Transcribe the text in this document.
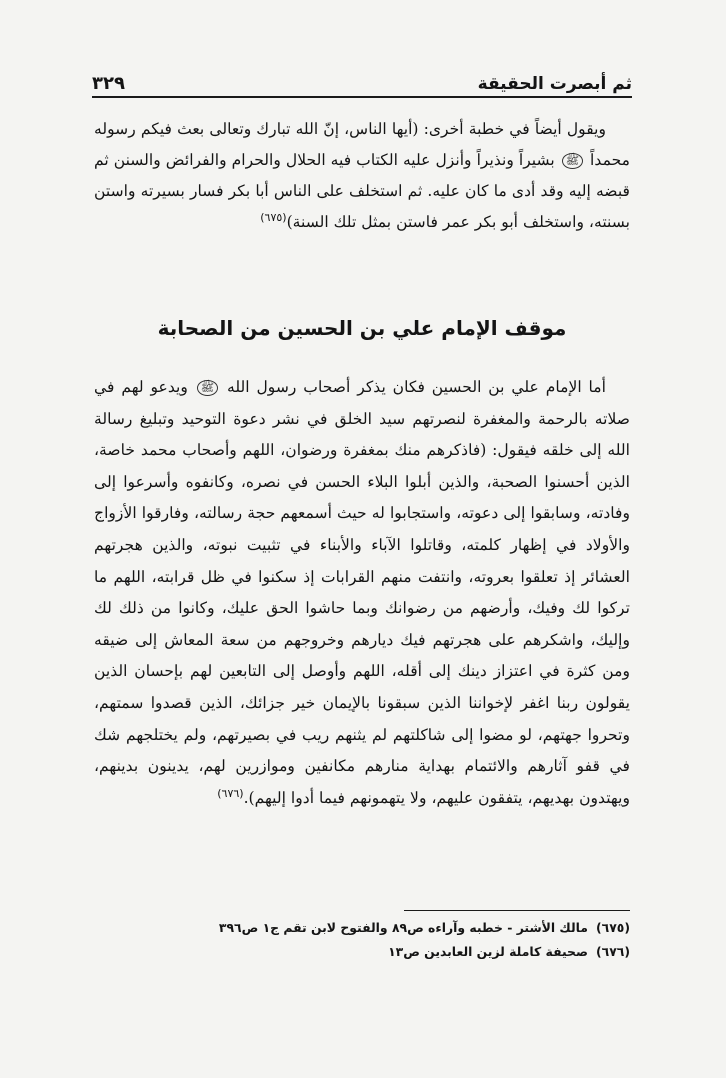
ثم أبصرت الحقيقة
٣٢٩

ويقول أيضاً في خطبة أخرى: (أيها الناس، إنّ الله تبارك وتعالى بعث فيكم رسوله محمداً ﷺ بشيراً ونذيراً وأنزل عليه الكتاب فيه الحلال والحرام والفرائض والسنن ثم قبضه إليه وقد أدى ما كان عليه. ثم استخلف على الناس أبا بكر فسار بسيرته واستن بسنته، واستخلف أبو بكر عمر فاستن بمثل تلك السنة)$^{(٦٧٥)}$

موقف الإمام علي بن الحسين من الصحابة

أما الإمام علي بن الحسين فكان يذكر أصحاب رسول الله ﷺ ويدعو لهم في صلاته بالرحمة والمغفرة لنصرتهم سيد الخلق في نشر دعوة التوحيد وتبليغ رسالة الله إلى خلقه فيقول: (فاذكرهم منك بمغفرة ورضوان، اللهم وأصحاب محمد خاصة، الذين أحسنوا الصحبة، والذين أبلوا البلاء الحسن في نصره، وكانفوه وأسرعوا إلى وفادته، وسابقوا إلى دعوته، واستجابوا له حيث أسمعهم حجة رسالته، وفارقوا الأزواج والأولاد في إظهار كلمته، وقاتلوا الآباء والأبناء في تثبيت نبوته، والذين هجرتهم العشائر إذ تعلقوا بعروته، وانتفت منهم القرابات إذ سكنوا في ظل قرابته، اللهم ما تركوا لك وفيك، وأرضهم من رضوانك وبما حاشوا الحق عليك، وكانوا من ذلك لك وإليك، واشكرهم على هجرتهم فيك ديارهم وخروجهم من سعة المعاش إلى ضيقه ومن كثرة في اعتزاز دينك إلى أقله، اللهم وأوصل إلى التابعين لهم بإحسان الذين يقولون ربنا اغفر لإخواننا الذين سبقونا بالإيمان خير جزائك، الذين قصدوا سمتهم، وتحروا جهتهم، لو مضوا إلى شاكلتهم لم يثنهم ريب في بصيرتهم، ولم يختلجهم شك في قفو آثارهم والائتمام بهداية منارهم مكانفين وموازرين لهم، يدينون بدينهم، ويهتدون بهديهم، يتفقون عليهم، ولا يتهمونهم فيما أدوا إليهم).$^{(٦٧٦)}$

(٦٧٥)
مالك الأشتر - خطبه وآراءه ص٨٩ والفتوح لابن تقم ج١ ص٣٩٦
(٦٧٦)
صحيفة كاملة لزين العابدين ص١٣
